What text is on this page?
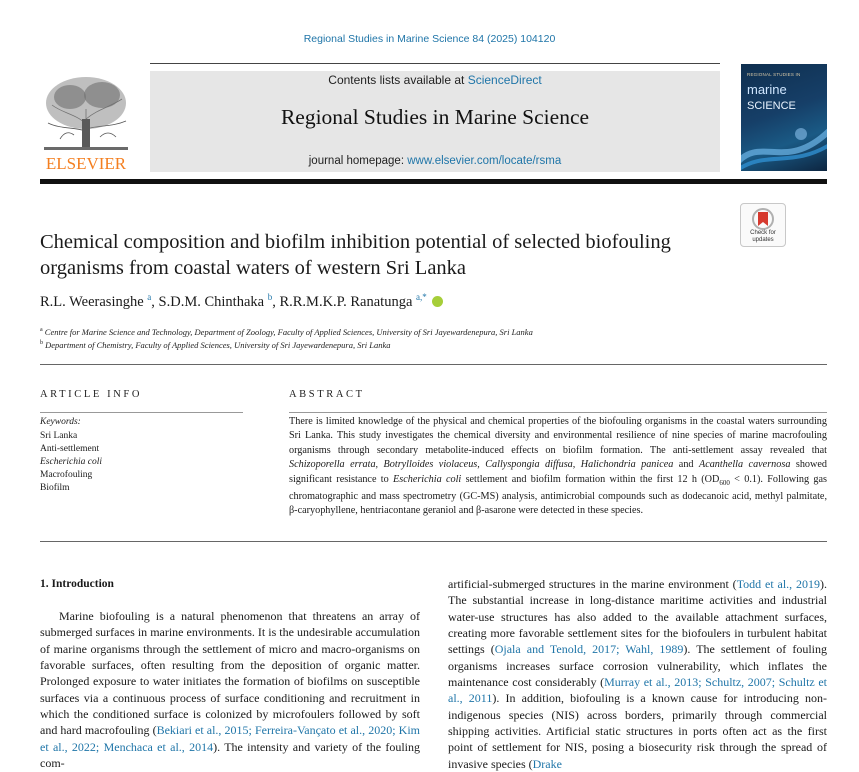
Regional Studies in Marine Science 84 (2025) 104120
ELSEVIER
Contents lists available at ScienceDirect
Regional Studies in Marine Science
journal homepage: www.elsevier.com/locate/rsma
REGIONAL STUDIES IN
marine
SCIENCE
Check for updates
Chemical composition and biofilm inhibition potential of selected biofouling organisms from coastal waters of western Sri Lanka
R.L. Weerasinghe $^a$, S.D.M. Chinthaka $^b$, R.R.M.K.P. Ranatunga $^{a,*}$
$^a$ Centre for Marine Science and Technology, Department of Zoology, Faculty of Applied Sciences, University of Sri Jayewardenepura, Sri Lanka
$^b$ Department of Chemistry, Faculty of Applied Sciences, University of Sri Jayewardenepura, Sri Lanka
ARTICLE INFO
Keywords:
Sri Lanka
Anti-settlement
Escherichia coli
Macrofouling
Biofilm
ABSTRACT
There is limited knowledge of the physical and chemical properties of the biofouling organisms in the coastal waters surrounding Sri Lanka. This study investigates the chemical diversity and environmental resilience of nine species of marine macrofouling organisms through secondary metabolite-induced effects on biofilm formation. The anti-settlement assay revealed that Schizoporella errata, Botrylloides violaceus, Callyspongia diffusa, Halichondria panicea and Acanthella cavernosa showed significant resistance to Escherichia coli settlement and biofilm formation within the first 12 h $(OD_{600} < 0.1)$. Following gas chromatographic and mass spectrometry (GC-MS) analysis, antimicrobial compounds such as dodecanoic acid, methyl palmitate, β-caryophyllene, hentriacontane geraniol and β-asarone were detected in these species.
1. Introduction
Marine biofouling is a natural phenomenon that threatens an array of submerged surfaces in marine environments. It is the undesirable accumulation of marine organisms through the settlement of micro and macro-organisms on favorable surfaces, often resulting from the deposition of organic matter. Prolonged exposure to water initiates the formation of biofilms on susceptible surfaces via a continuous process of surface conditioning and recruitment in which the conditioned surface is colonized by microfoulers followed by soft and hard macrofouling (Bekiari et al., 2015; Ferreira-Vançato et al., 2020; Kim et al., 2022; Menchaca et al., 2014). The intensity and variety of the fouling com-
artificial-submerged structures in the marine environment (Todd et al., 2019). The substantial increase in long-distance maritime activities and industrial water-use structures has also added to the available attachment surfaces, creating more favorable settlement sites for the biofoulers in turbulent habitat settings (Ojala and Tenold, 2017; Wahl, 1989). The settlement of fouling organisms increases surface corrosion vulnerability, which inflates the maintenance cost considerably (Murray et al., 2013; Schultz, 2007; Schultz et al., 2011). In addition, biofouling is a known cause for introducing non-indigenous species (NIS) across borders, primarily through commercial shipping activities. Artificial static structures in ports often act as the first point of settlement for NIS, posing a biosecurity risk through the spread of invasive species (Drake
